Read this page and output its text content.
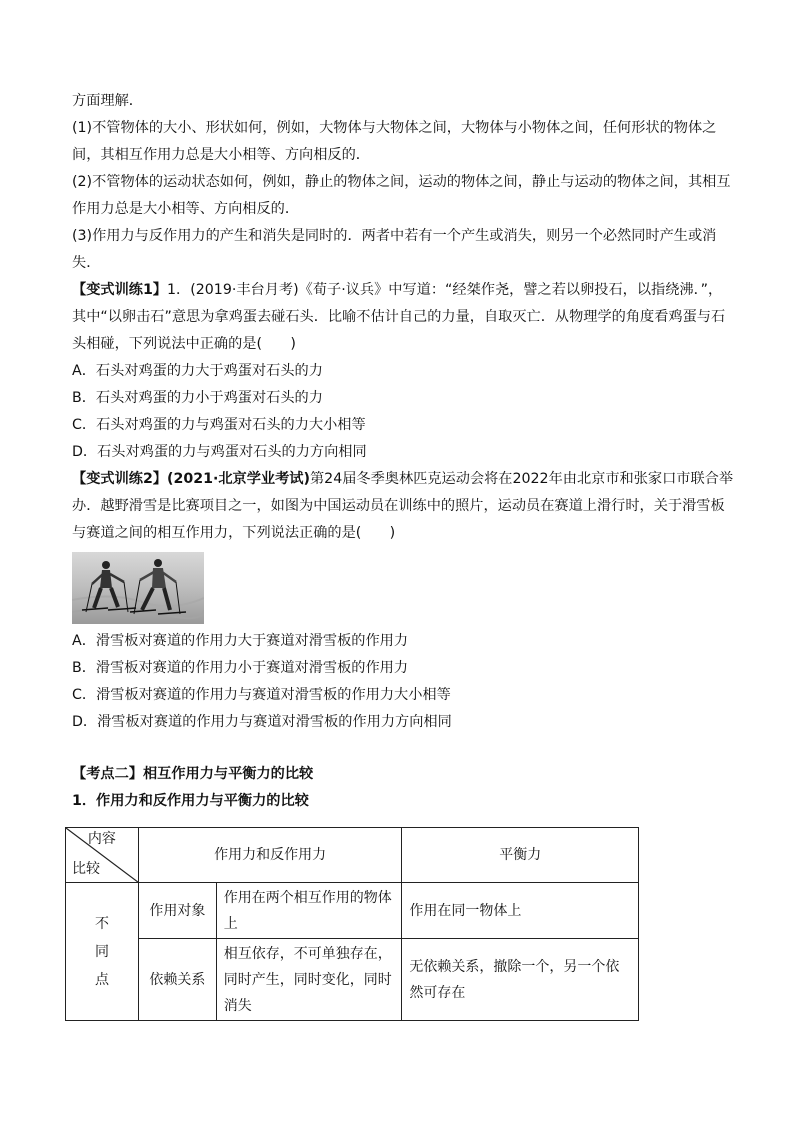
方面理解．

(1)不管物体的大小、形状如何，例如，大物体与大物体之间，大物体与小物体之间，任何形状的物体之间，其相互作用力总是大小相等、方向相反的．

(2)不管物体的运动状态如何，例如，静止的物体之间，运动的物体之间，静止与运动的物体之间，其相互作用力总是大小相等、方向相反的．

(3)作用力与反作用力的产生和消失是同时的．两者中若有一个产生或消失，则另一个必然同时产生或消失．

【变式训练1】1．(2019·丰台月考)《荀子·议兵》中写道：“经桀作尧，譬之若以卵投石，以指绕沸．”，其中“以卵击石”意思为拿鸡蛋去碰石头．比喻不估计自己的力量，自取灭亡．从物理学的角度看鸡蛋与石头相碰，下列说法中正确的是(　　)

A．石头对鸡蛋的力大于鸡蛋对石头的力

B．石头对鸡蛋的力小于鸡蛋对石头的力

C．石头对鸡蛋的力与鸡蛋对石头的力大小相等

D．石头对鸡蛋的力与鸡蛋对石头的力方向相同

【变式训练2】(2021·北京学业考试)第24届冬季奥林匹克运动会将在2022年由北京市和张家口市联合举办．越野滑雪是比赛项目之一，如图为中国运动员在训练中的照片，运动员在赛道上滑行时，关于滑雪板与赛道之间的相互作用力，下列说法正确的是(　　)

A．滑雪板对赛道的作用力大于赛道对滑雪板的作用力

B．滑雪板对赛道的作用力小于赛道对滑雪板的作用力

C．滑雪板对赛道的作用力与赛道对滑雪板的作用力大小相等

D．滑雪板对赛道的作用力与赛道对滑雪板的作用力方向相同

【考点二】相互作用力与平衡力的比较

1．作用力和反作用力与平衡力的比较

内容
比较	作用力和反作用力		平衡力

不
同
点	作用对象	作用在两个相互作用的物体上	作用在同一物体上
	依赖关系	相互依存，不可单独存在，同时产生，同时变化，同时消失	无依赖关系，撤除一个，另一个依然可存在
